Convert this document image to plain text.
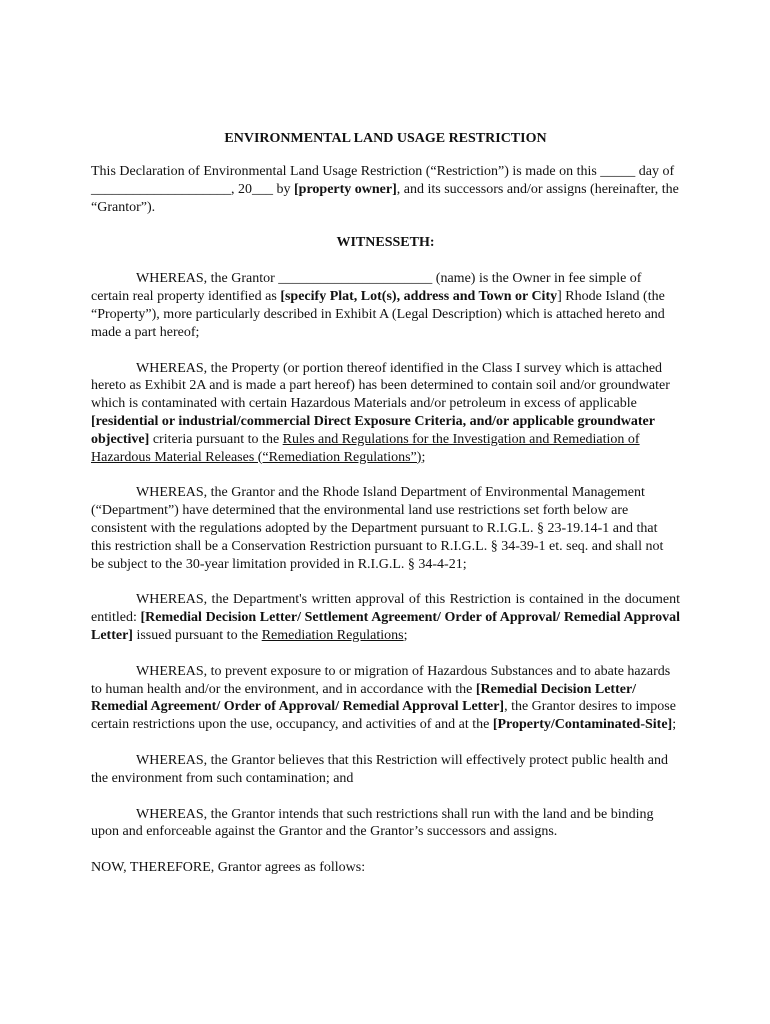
ENVIRONMENTAL LAND USAGE RESTRICTION

This Declaration of Environmental Land Usage Restriction (“Restriction”) is made on this _____ day of ____________________, 20___ by [property owner], and its successors and/or assigns (hereinafter, the “Grantor”).

WITNESSETH:

WHEREAS, the Grantor ______________________ (name) is the Owner in fee simple of certain real property identified as [specify Plat, Lot(s), address and Town or City] Rhode Island (the “Property”), more particularly described in Exhibit A (Legal Description) which is attached hereto and made a part hereof;

WHEREAS, the Property (or portion thereof identified in the Class I survey which is attached hereto as Exhibit 2A and is made a part hereof) has been determined to contain soil and/or groundwater which is contaminated with certain Hazardous Materials and/or petroleum in excess of applicable [residential or industrial/commercial Direct Exposure Criteria, and/or applicable groundwater objective] criteria pursuant to the Rules and Regulations for the Investigation and Remediation of Hazardous Material Releases (“Remediation Regulations”);

WHEREAS, the Grantor and the Rhode Island Department of Environmental Management (“Department”) have determined that the environmental land use restrictions set forth below are consistent with the regulations adopted by the Department pursuant to R.I.G.L. § 23-19.14-1 and that this restriction shall be a Conservation Restriction pursuant to R.I.G.L. § 34-39-1 et. seq. and shall not be subject to the 30-year limitation provided in R.I.G.L. § 34-4-21;

WHEREAS, the Department's written approval of this Restriction is contained in the document entitled: [Remedial Decision Letter/ Settlement Agreement/ Order of Approval/ Remedial Approval Letter] issued pursuant to the Remediation Regulations;

WHEREAS, to prevent exposure to or migration of Hazardous Substances and to abate hazards to human health and/or the environment, and in accordance with the [Remedial Decision Letter/ Remedial Agreement/ Order of Approval/ Remedial Approval Letter], the Grantor desires to impose certain restrictions upon the use, occupancy, and activities of and at the [Property/Contaminated-Site];

WHEREAS, the Grantor believes that this Restriction will effectively protect public health and the environment from such contamination; and

WHEREAS, the Grantor intends that such restrictions shall run with the land and be binding upon and enforceable against the Grantor and the Grantor’s successors and assigns.

NOW, THEREFORE, Grantor agrees as follows:
